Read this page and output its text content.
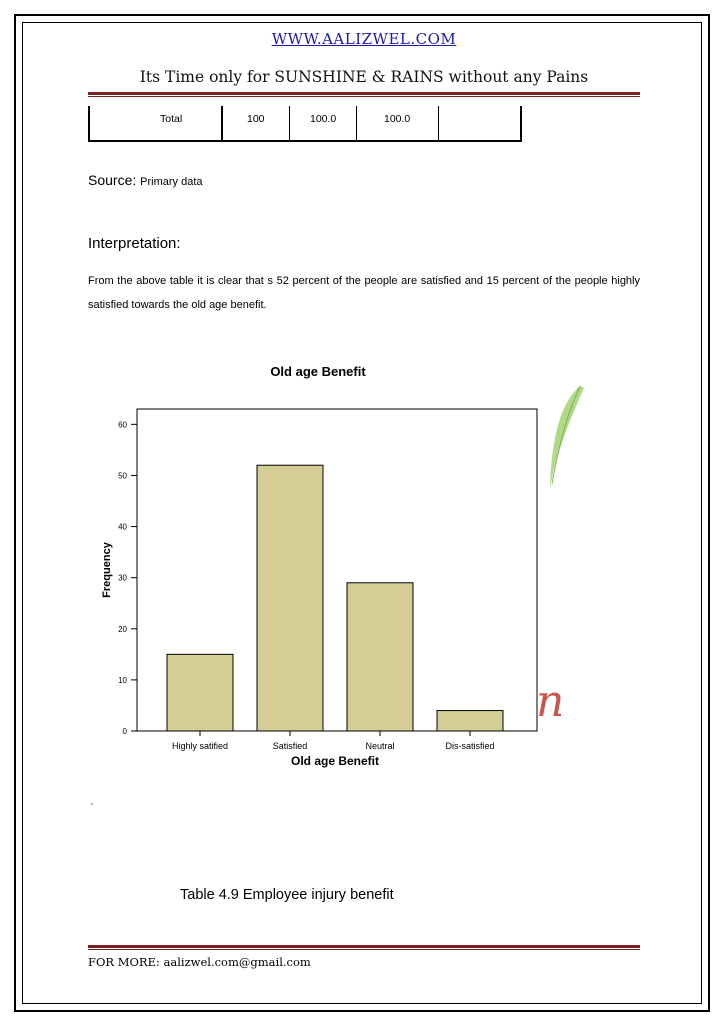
WWW.AALIZWEL.COM
Its Time only for SUNSHINE & RAINS without any Pains
Total	100	100.0	100.0
Source: Primary data
Interpretation:
From the above table it is clear that s 52 percent of the people are satisfied and 15 percent of the people highly satisfied towards the old age benefit.
n
Old age Benefit
Frequency
0
10
20
30
40
50
60
Highly satified	Satisfied	Neutral	Dis-satisfied
Old age Benefit
·
Table 4.9 Employee injury benefit
FOR MORE: aalizwel.com@gmail.com
